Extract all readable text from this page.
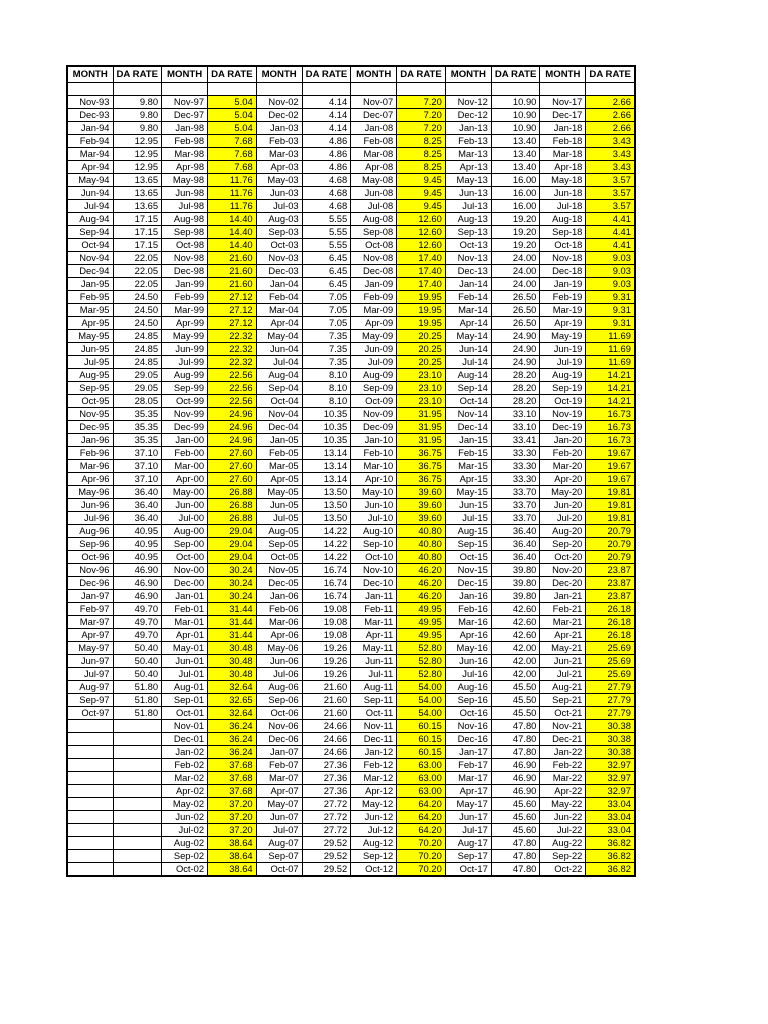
MONTH	DA RATE	MONTH	DA RATE	MONTH	DA RATE	MONTH	DA RATE	MONTH	DA RATE	MONTH	DA RATE

Nov-93	9.80	Nov-97	5.04	Nov-02	4.14	Nov-07	7.20	Nov-12	10.90	Nov-17	2.66
Dec-93	9.80	Dec-97	5.04	Dec-02	4.14	Dec-07	7.20	Dec-12	10.90	Dec-17	2.66
Jan-94	9.80	Jan-98	5.04	Jan-03	4.14	Jan-08	7.20	Jan-13	10.90	Jan-18	2.66
Feb-94	12.95	Feb-98	7.68	Feb-03	4.86	Feb-08	8.25	Feb-13	13.40	Feb-18	3.43
Mar-94	12.95	Mar-98	7.68	Mar-03	4.86	Mar-08	8.25	Mar-13	13.40	Mar-18	3.43
Apr-94	12.95	Apr-98	7.68	Apr-03	4.86	Apr-08	8.25	Apr-13	13.40	Apr-18	3.43
May-94	13.65	May-98	11.76	May-03	4.68	May-08	9.45	May-13	16.00	May-18	3.57
Jun-94	13.65	Jun-98	11.76	Jun-03	4.68	Jun-08	9.45	Jun-13	16.00	Jun-18	3.57
Jul-94	13.65	Jul-98	11.76	Jul-03	4.68	Jul-08	9.45	Jul-13	16.00	Jul-18	3.57
Aug-94	17.15	Aug-98	14.40	Aug-03	5.55	Aug-08	12.60	Aug-13	19.20	Aug-18	4.41
Sep-94	17.15	Sep-98	14.40	Sep-03	5.55	Sep-08	12.60	Sep-13	19.20	Sep-18	4.41
Oct-94	17.15	Oct-98	14.40	Oct-03	5.55	Oct-08	12.60	Oct-13	19.20	Oct-18	4.41
Nov-94	22.05	Nov-98	21.60	Nov-03	6.45	Nov-08	17.40	Nov-13	24.00	Nov-18	9.03
Dec-94	22.05	Dec-98	21.60	Dec-03	6.45	Dec-08	17.40	Dec-13	24.00	Dec-18	9.03
Jan-95	22.05	Jan-99	21.60	Jan-04	6.45	Jan-09	17.40	Jan-14	24.00	Jan-19	9.03
Feb-95	24.50	Feb-99	27.12	Feb-04	7.05	Feb-09	19.95	Feb-14	26.50	Feb-19	9.31
Mar-95	24.50	Mar-99	27.12	Mar-04	7.05	Mar-09	19.95	Mar-14	26.50	Mar-19	9.31
Apr-95	24.50	Apr-99	27.12	Apr-04	7.05	Apr-09	19.95	Apr-14	26.50	Apr-19	9.31
May-95	24.85	May-99	22.32	May-04	7.35	May-09	20.25	May-14	24.90	May-19	11.69
Jun-95	24.85	Jun-99	22.32	Jun-04	7.35	Jun-09	20.25	Jun-14	24.90	Jun-19	11.69
Jul-95	24.85	Jul-99	22.32	Jul-04	7.35	Jul-09	20.25	Jul-14	24.90	Jul-19	11.69
Aug-95	29.05	Aug-99	22.56	Aug-04	8.10	Aug-09	23.10	Aug-14	28.20	Aug-19	14.21
Sep-95	29.05	Sep-99	22.56	Sep-04	8.10	Sep-09	23.10	Sep-14	28.20	Sep-19	14.21
Oct-95	28.05	Oct-99	22.56	Oct-04	8.10	Oct-09	23.10	Oct-14	28.20	Oct-19	14.21
Nov-95	35.35	Nov-99	24.96	Nov-04	10.35	Nov-09	31.95	Nov-14	33.10	Nov-19	16.73
Dec-95	35.35	Dec-99	24.96	Dec-04	10.35	Dec-09	31.95	Dec-14	33.10	Dec-19	16.73
Jan-96	35.35	Jan-00	24.96	Jan-05	10.35	Jan-10	31.95	Jan-15	33.41	Jan-20	16.73
Feb-96	37.10	Feb-00	27.60	Feb-05	13.14	Feb-10	36.75	Feb-15	33.30	Feb-20	19.67
Mar-96	37.10	Mar-00	27.60	Mar-05	13.14	Mar-10	36.75	Mar-15	33.30	Mar-20	19.67
Apr-96	37.10	Apr-00	27.60	Apr-05	13.14	Apr-10	36.75	Apr-15	33.30	Apr-20	19.67
May-96	36.40	May-00	26.88	May-05	13.50	May-10	39.60	May-15	33.70	May-20	19.81
Jun-96	36.40	Jun-00	26.88	Jun-05	13.50	Jun-10	39.60	Jun-15	33.70	Jun-20	19.81
Jul-96	36.40	Jul-00	26.88	Jul-05	13.50	Jul-10	39.60	Jul-15	33.70	Jul-20	19.81
Aug-96	40.95	Aug-00	29.04	Aug-05	14.22	Aug-10	40.80	Aug-15	36.40	Aug-20	20.79
Sep-96	40.95	Sep-00	29.04	Sep-05	14.22	Sep-10	40.80	Sep-15	36.40	Sep-20	20.79
Oct-96	40.95	Oct-00	29.04	Oct-05	14.22	Oct-10	40.80	Oct-15	36.40	Oct-20	20.79
Nov-96	46.90	Nov-00	30.24	Nov-05	16.74	Nov-10	46.20	Nov-15	39.80	Nov-20	23.87
Dec-96	46.90	Dec-00	30.24	Dec-05	16.74	Dec-10	46.20	Dec-15	39.80	Dec-20	23.87
Jan-97	46.90	Jan-01	30.24	Jan-06	16.74	Jan-11	46.20	Jan-16	39.80	Jan-21	23.87
Feb-97	49.70	Feb-01	31.44	Feb-06	19.08	Feb-11	49.95	Feb-16	42.60	Feb-21	26.18
Mar-97	49.70	Mar-01	31.44	Mar-06	19.08	Mar-11	49.95	Mar-16	42.60	Mar-21	26.18
Apr-97	49.70	Apr-01	31.44	Apr-06	19.08	Apr-11	49.95	Apr-16	42.60	Apr-21	26.18
May-97	50.40	May-01	30.48	May-06	19.26	May-11	52.80	May-16	42.00	May-21	25.69
Jun-97	50.40	Jun-01	30.48	Jun-06	19.26	Jun-11	52.80	Jun-16	42.00	Jun-21	25.69
Jul-97	50.40	Jul-01	30.48	Jul-06	19.26	Jul-11	52.80	Jul-16	42.00	Jul-21	25.69
Aug-97	51.80	Aug-01	32.64	Aug-06	21.60	Aug-11	54.00	Aug-16	45.50	Aug-21	27.79
Sep-97	51.80	Sep-01	32.65	Sep-06	21.60	Sep-11	54.00	Sep-16	45.50	Sep-21	27.79
Oct-97	51.80	Oct-01	32.64	Oct-06	21.60	Oct-11	54.00	Oct-16	45.50	Oct-21	27.79
		Nov-01	36.24	Nov-06	24.66	Nov-11	60.15	Nov-16	47.80	Nov-21	30.38
		Dec-01	36.24	Dec-06	24.66	Dec-11	60.15	Dec-16	47.80	Dec-21	30.38
		Jan-02	36.24	Jan-07	24.66	Jan-12	60.15	Jan-17	47.80	Jan-22	30.38
		Feb-02	37.68	Feb-07	27.36	Feb-12	63.00	Feb-17	46.90	Feb-22	32.97
		Mar-02	37.68	Mar-07	27.36	Mar-12	63.00	Mar-17	46.90	Mar-22	32.97
		Apr-02	37.68	Apr-07	27.36	Apr-12	63.00	Apr-17	46.90	Apr-22	32.97
		May-02	37.20	May-07	27.72	May-12	64.20	May-17	45.60	May-22	33.04
		Jun-02	37.20	Jun-07	27.72	Jun-12	64.20	Jun-17	45.60	Jun-22	33.04
		Jul-02	37.20	Jul-07	27.72	Jul-12	64.20	Jul-17	45.60	Jul-22	33.04
		Aug-02	38.64	Aug-07	29.52	Aug-12	70.20	Aug-17	47.80	Aug-22	36.82
		Sep-02	38.64	Sep-07	29.52	Sep-12	70.20	Sep-17	47.80	Sep-22	36.82
		Oct-02	38.64	Oct-07	29.52	Oct-12	70.20	Oct-17	47.80	Oct-22	36.82
